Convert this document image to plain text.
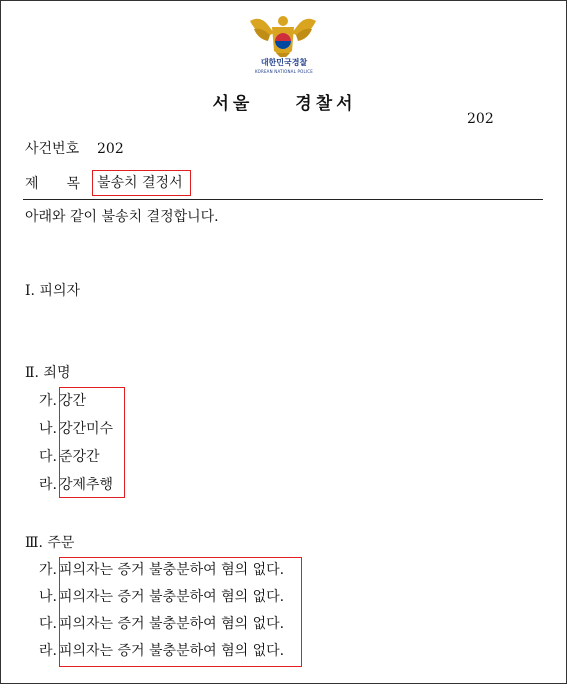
대한민국경찰
KOREAN NATIONAL POLICE
서울　　경찰서
202
사건번호 202
제　　목 불송치 결정서
아래와 같이 불송치 결정합니다.
Ⅰ. 피의자
Ⅱ. 죄명
가. 강간
나. 강간미수
다. 준강간
라. 강제추행
Ⅲ. 주문
가. 피의자는 증거 불충분하여 혐의 없다.
나. 피의자는 증거 불충분하여 혐의 없다.
다. 피의자는 증거 불충분하여 혐의 없다.
라. 피의자는 증거 불충분하여 혐의 없다.
